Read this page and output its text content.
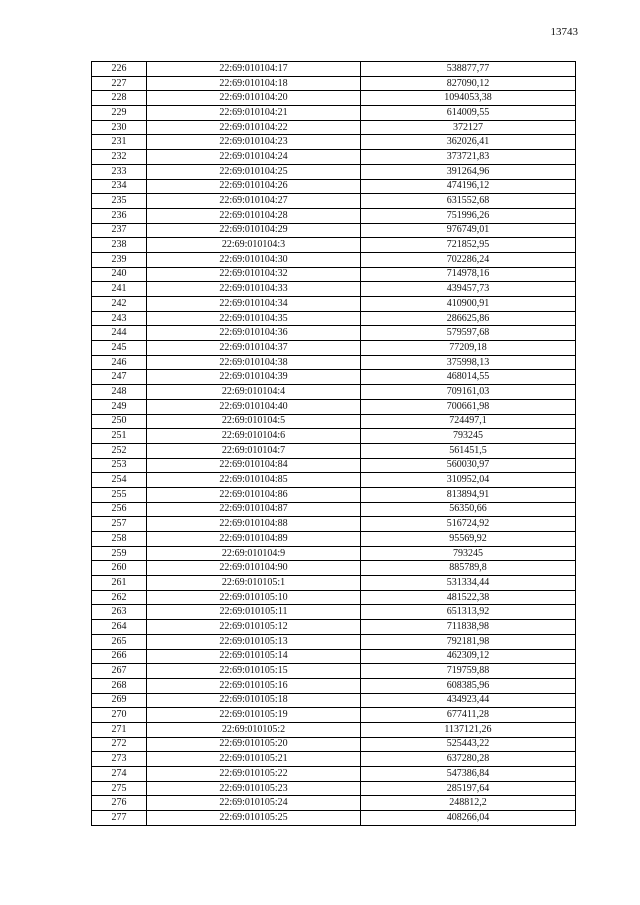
13743
226	22:69:010104:17	538877,77
227	22:69:010104:18	827090,12
228	22:69:010104:20	1094053,38
229	22:69:010104:21	614009,55
230	22:69:010104:22	372127
231	22:69:010104:23	362026,41
232	22:69:010104:24	373721,83
233	22:69:010104:25	391264,96
234	22:69:010104:26	474196,12
235	22:69:010104:27	631552,68
236	22:69:010104:28	751996,26
237	22:69:010104:29	976749,01
238	22:69:010104:3	721852,95
239	22:69:010104:30	702286,24
240	22:69:010104:32	714978,16
241	22:69:010104:33	439457,73
242	22:69:010104:34	410900,91
243	22:69:010104:35	286625,86
244	22:69:010104:36	579597,68
245	22:69:010104:37	77209,18
246	22:69:010104:38	375998,13
247	22:69:010104:39	468014,55
248	22:69:010104:4	709161,03
249	22:69:010104:40	700661,98
250	22:69:010104:5	724497,1
251	22:69:010104:6	793245
252	22:69:010104:7	561451,5
253	22:69:010104:84	560030,97
254	22:69:010104:85	310952,04
255	22:69:010104:86	813894,91
256	22:69:010104:87	56350,66
257	22:69:010104:88	516724,92
258	22:69:010104:89	95569,92
259	22:69:010104:9	793245
260	22:69:010104:90	885789,8
261	22:69:010105:1	531334,44
262	22:69:010105:10	481522,38
263	22:69:010105:11	651313,92
264	22:69:010105:12	711838,98
265	22:69:010105:13	792181,98
266	22:69:010105:14	462309,12
267	22:69:010105:15	719759,88
268	22:69:010105:16	608385,96
269	22:69:010105:18	434923,44
270	22:69:010105:19	677411,28
271	22:69:010105:2	1137121,26
272	22:69:010105:20	525443,22
273	22:69:010105:21	637280,28
274	22:69:010105:22	547386,84
275	22:69:010105:23	285197,64
276	22:69:010105:24	248812,2
277	22:69:010105:25	408266,04
